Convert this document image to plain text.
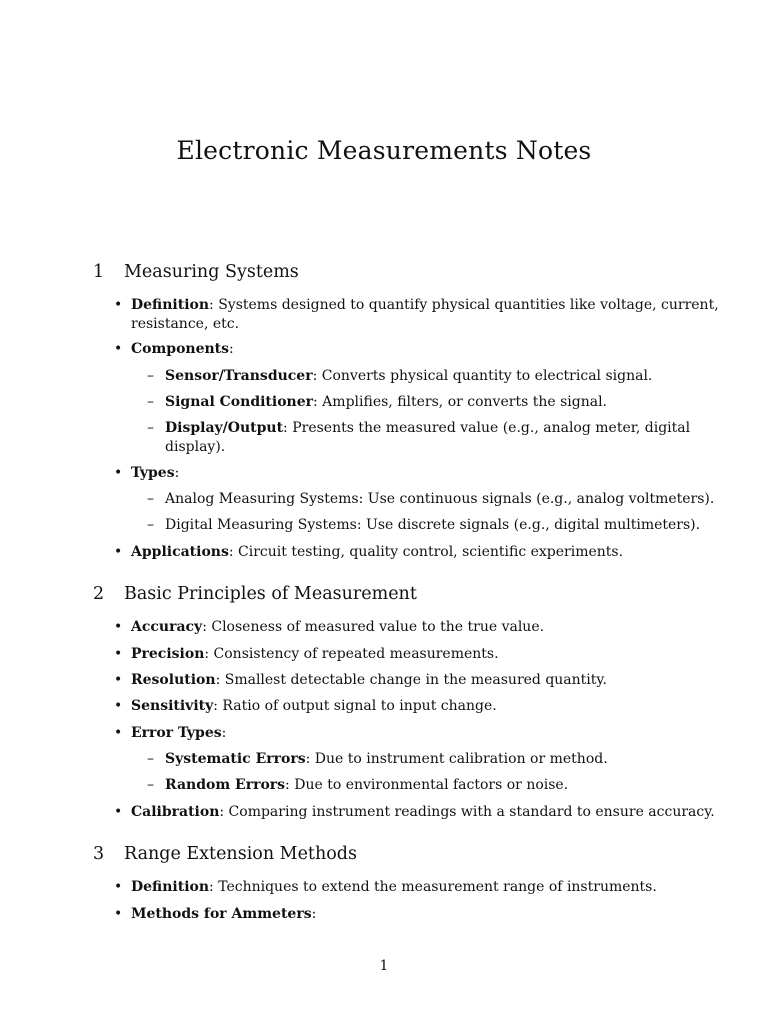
Electronic Measurements Notes
1 Measuring Systems
• Definition: Systems designed to quantify physical quantities like voltage, current,
resistance, etc.
• Components:
– Sensor/Transducer: Converts physical quantity to electrical signal.
– Signal Conditioner: Amplifies, filters, or converts the signal.
– Display/Output: Presents the measured value (e.g., analog meter, digital
display).
• Types:
– Analog Measuring Systems: Use continuous signals (e.g., analog voltmeters).
– Digital Measuring Systems: Use discrete signals (e.g., digital multimeters).
• Applications: Circuit testing, quality control, scientific experiments.
2 Basic Principles of Measurement
• Accuracy: Closeness of measured value to the true value.
• Precision: Consistency of repeated measurements.
• Resolution: Smallest detectable change in the measured quantity.
• Sensitivity: Ratio of output signal to input change.
• Error Types:
– Systematic Errors: Due to instrument calibration or method.
– Random Errors: Due to environmental factors or noise.
• Calibration: Comparing instrument readings with a standard to ensure accuracy.
3 Range Extension Methods
• Definition: Techniques to extend the measurement range of instruments.
• Methods for Ammeters:
1
